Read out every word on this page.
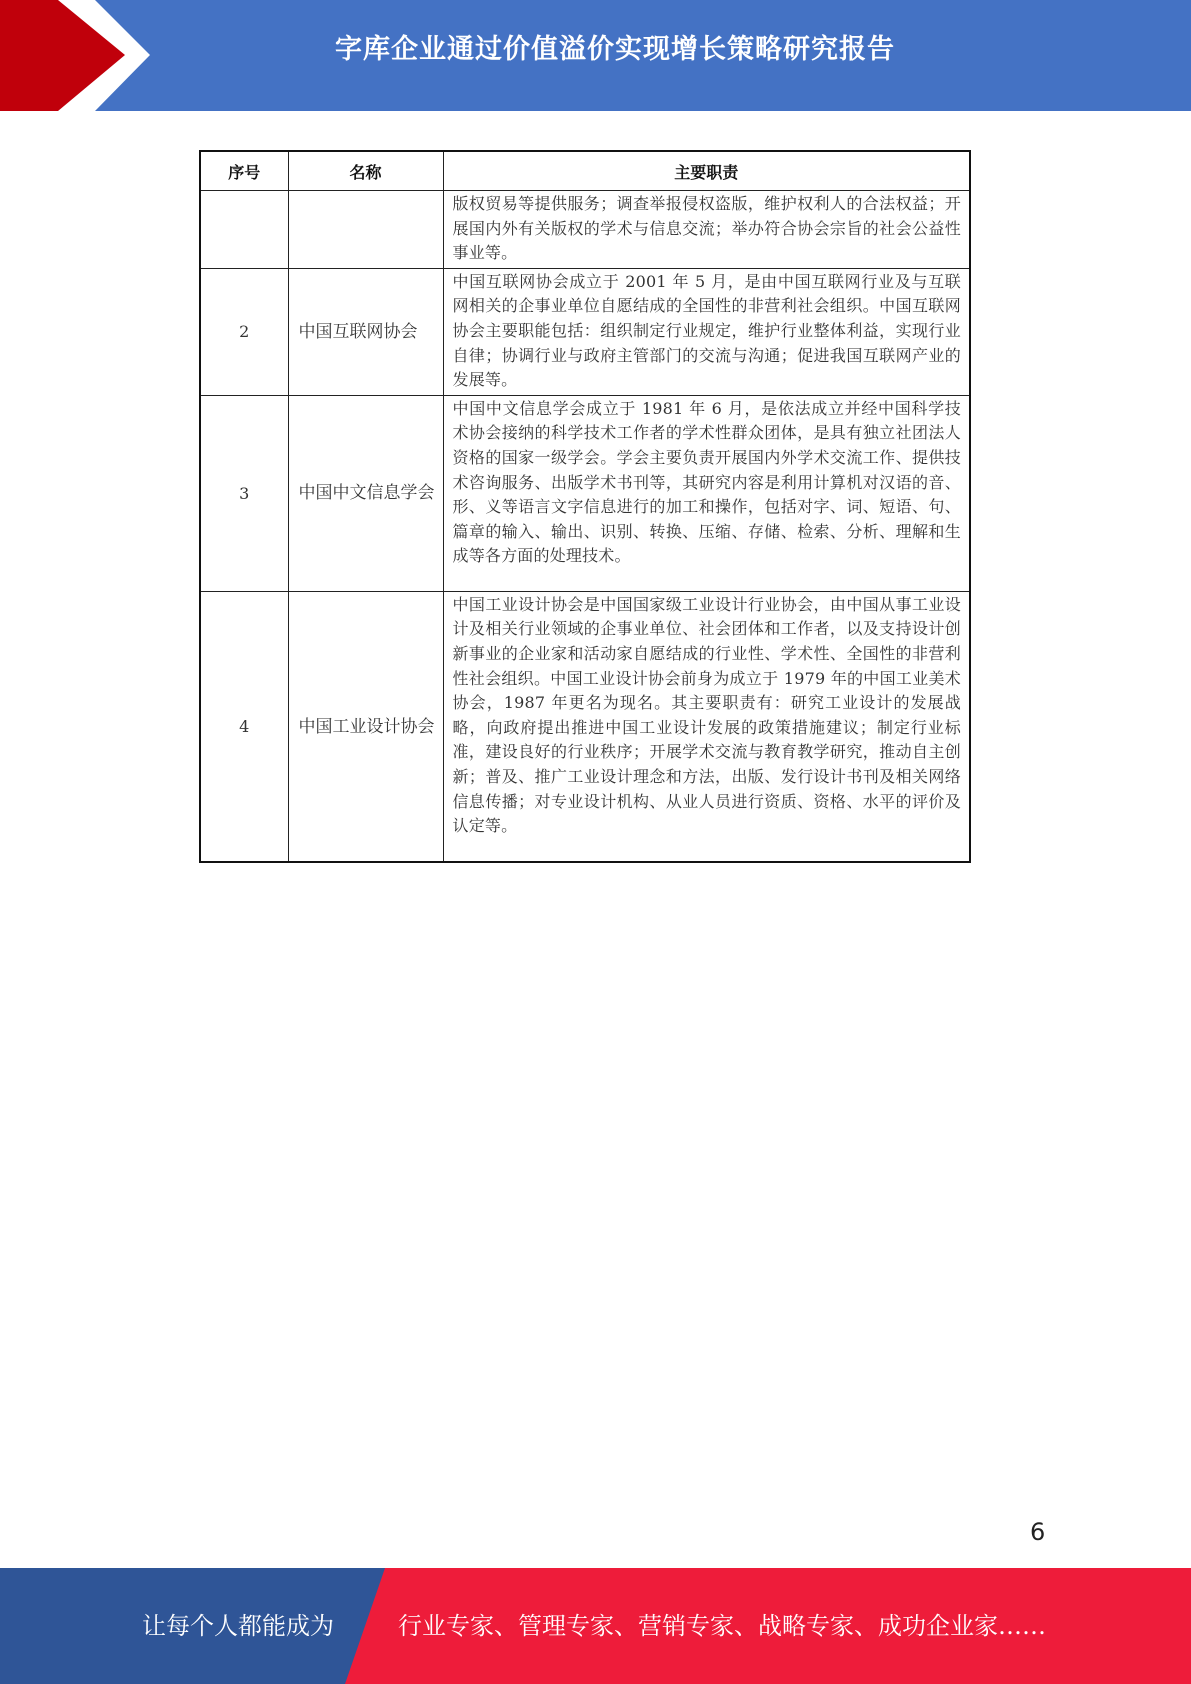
字库企业通过价值溢价实现增长策略研究报告
序号	名称	主要职责
		版权贸易等提供服务；调查举报侵权盗版，维护权利人的合法权益；开展国内外有关版权的学术与信息交流；举办符合协会宗旨的社会公益性事业等。
2	中国互联网协会	中国互联网协会成立于 2001 年 5 月，是由中国互联网行业及与互联网相关的企事业单位自愿结成的全国性的非营利社会组织。中国互联网协会主要职能包括：组织制定行业规定，维护行业整体利益，实现行业自律；协调行业与政府主管部门的交流与沟通；促进我国互联网产业的发展等。
3	中国中文信息学会	中国中文信息学会成立于 1981 年 6 月，是依法成立并经中国科学技术协会接纳的科学技术工作者的学术性群众团体，是具有独立社团法人资格的国家一级学会。学会主要负责开展国内外学术交流工作、提供技术咨询服务、出版学术书刊等，其研究内容是利用计算机对汉语的音、形、义等语言文字信息进行的加工和操作，包括对字、词、短语、句、篇章的输入、输出、识别、转换、压缩、存储、检索、分析、理解和生成等各方面的处理技术。
4	中国工业设计协会	中国工业设计协会是中国国家级工业设计行业协会，由中国从事工业设计及相关行业领域的企事业单位、社会团体和工作者，以及支持设计创新事业的企业家和活动家自愿结成的行业性、学术性、全国性的非营利性社会组织。中国工业设计协会前身为成立于 1979 年的中国工业美术协会，1987 年更名为现名。其主要职责有：研究工业设计的发展战略，向政府提出推进中国工业设计发展的政策措施建议；制定行业标准，建设良好的行业秩序；开展学术交流与教育教学研究，推动自主创新；普及、推广工业设计理念和方法，出版、发行设计书刊及相关网络信息传播；对专业设计机构、从业人员进行资质、资格、水平的评价及认定等。
6
让每个人都能成为	行业专家、管理专家、营销专家、战略专家、成功企业家……
